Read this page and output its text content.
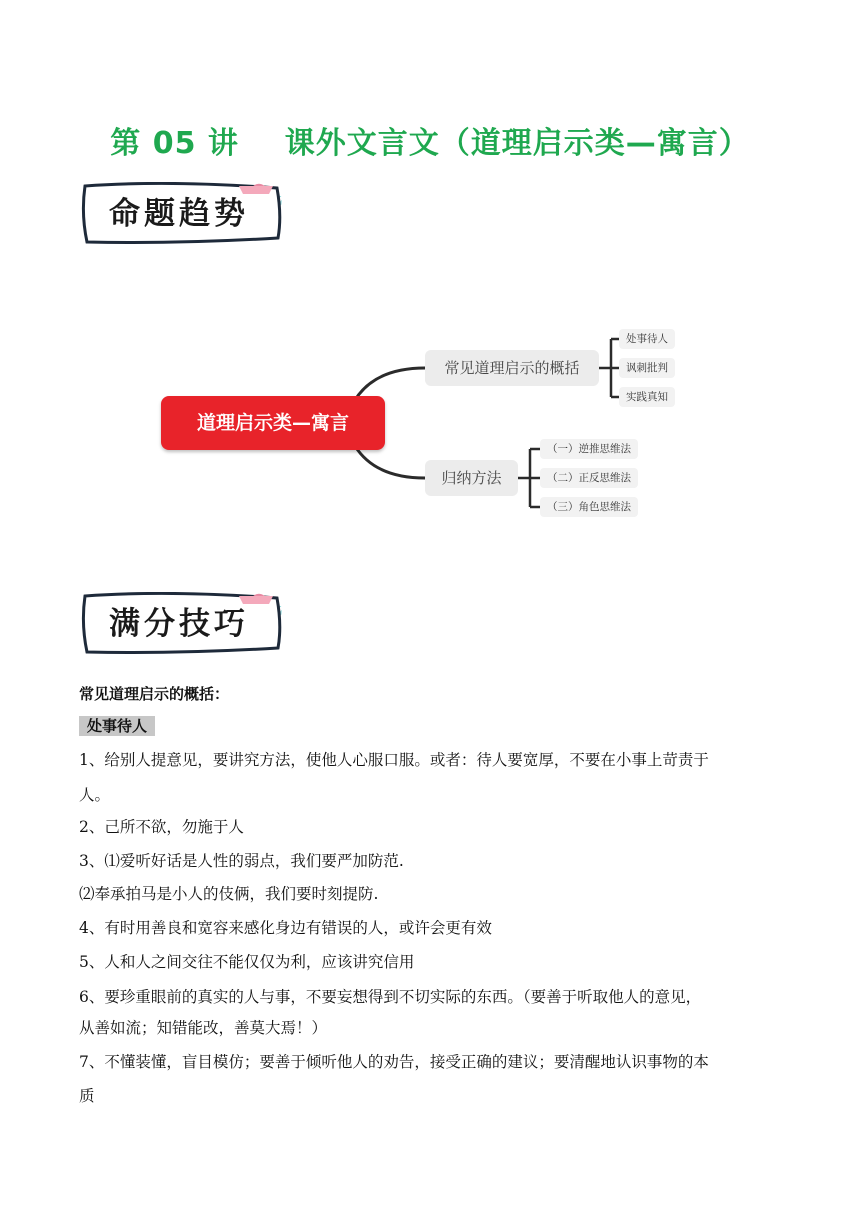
第 05 讲    课外文言文（道理启示类—寓言）
命题趋势
道理启示类—寓言
常见道理启示的概括
归纳方法
处事待人
讽刺批判
实践真知
（一）逆推思维法
（二）正反思维法
（三）角色思维法
满分技巧
常见道理启示的概括：
处事待人
1、给别人提意见，要讲究方法，使他人心服口服。或者：待人要宽厚，不要在小事上苛责于
人。
2、己所不欲，勿施于人
3、⑴爱听好话是人性的弱点，我们要严加防范.
⑵奉承拍马是小人的伎俩，我们要时刻提防.
4、有时用善良和宽容来感化身边有错误的人，或许会更有效
5、人和人之间交往不能仅仅为利，应该讲究信用
6、要珍重眼前的真实的人与事，不要妄想得到不切实际的东西。（要善于听取他人的意见，
从善如流；知错能改，善莫大焉！）
7、不懂装懂，盲目模仿；要善于倾听他人的劝告，接受正确的建议；要清醒地认识事物的本
质
